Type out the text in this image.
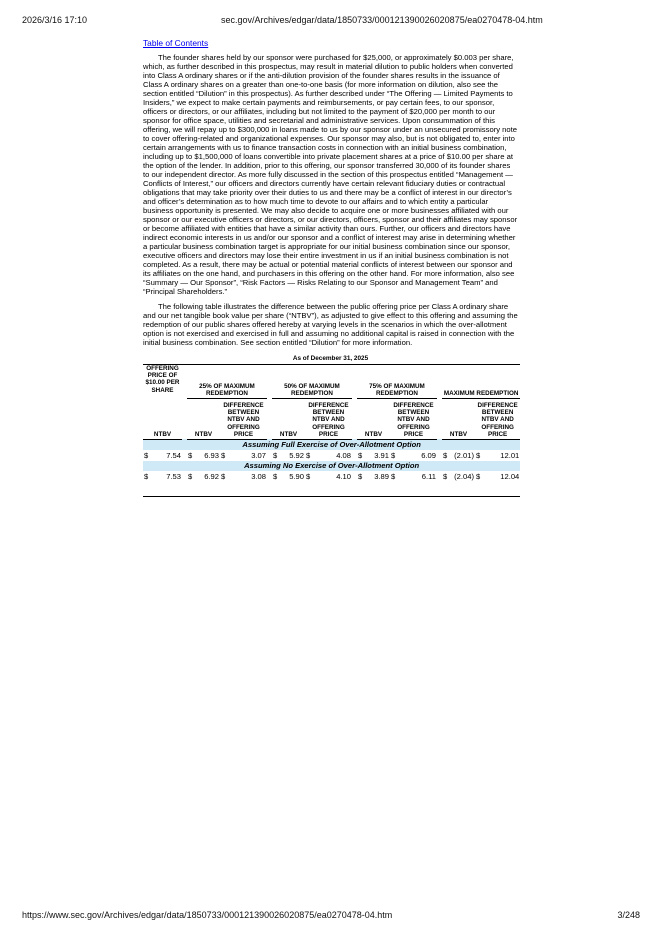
2026/3/16 17:10	sec.gov/Archives/edgar/data/1850733/000121390026020875/ea0270478-04.htm
Table of Contents

The founder shares held by our sponsor were purchased for $25,000, or approximately $0.003 per share, which, as further described in this prospectus, may result in material dilution to public holders when converted into Class A ordinary shares or if the anti-dilution provision of the founder shares results in the issuance of Class A ordinary shares on a greater than one-to-one basis (for more information on dilution, also see the section entitled “Dilution” in this prospectus). As further described under “The Offering — Limited Payments to Insiders,” we expect to make certain payments and reimbursements, or pay certain fees, to our sponsor, officers or directors, or our affiliates, including but not limited to the payment of $20,000 per month to our sponsor for office space, utilities and secretarial and administrative services. Upon consummation of this offering, we will repay up to $300,000 in loans made to us by our sponsor under an unsecured promissory note to cover offering-related and organizational expenses. Our sponsor may also, but is not obligated to, enter into certain arrangements with us to finance transaction costs in connection with an initial business combination, including up to $1,500,000 of loans convertible into private placement shares at a price of $10.00 per share at the option of the lender. In addition, prior to this offering, our sponsor transferred 30,000 of its founder shares to our independent director. As more fully discussed in the section of this prospectus entitled “Management — Conflicts of Interest,” our officers and directors currently have certain relevant fiduciary duties or contractual obligations that may take priority over their duties to us and there may be a conflict of interest in our director’s and officer’s determination as to how much time to devote to our affairs and to which entity a particular business opportunity is presented. We may also decide to acquire one or more businesses affiliated with our sponsor or our executive officers or directors, or our directors, officers, sponsor and their affiliates may sponsor or become affiliated with entities that have a similar activity than ours. Further, our officers and directors have indirect economic interests in us and/or our sponsor and a conflict of interest may arise in determining whether a particular business combination target is appropriate for our initial business combination since our sponsor, executive officers and directors may lose their entire investment in us if an initial business combination is not completed. As a result, there may be actual or potential material conflicts of interest between our sponsor and its affiliates on the one hand, and purchasers in this offering on the other hand. For more information, also see “Summary — Our Sponsor”, “Risk Factors — Risks Relating to our Sponsor and Management Team” and “Principal Shareholders.”

The following table illustrates the difference between the public offering price per Class A ordinary share and our net tangible book value per share (“NTBV”), as adjusted to give effect to this offering and assuming the redemption of our public shares offered hereby at varying levels in the scenarios in which the over-allotment option is not exercised and exercised in full and assuming no additional capital is raised in connection with the initial business combination. See section entitled “Dilution” for more information.

As of December 31, 2025

OFFERING PRICE OF $10.00 PER SHARE			25% OF MAXIMUM REDEMPTION					50% OF MAXIMUM REDEMPTION					75% OF MAXIMUM REDEMPTION					MAXIMUM REDEMPTION			
NTBV			NTBV		DIFFERENCE BETWEEN NTBV AND OFFERING PRICE			NTBV		DIFFERENCE BETWEEN NTBV AND OFFERING PRICE			NTBV		DIFFERENCE BETWEEN NTBV AND OFFERING PRICE			NTBV		DIFFERENCE BETWEEN NTBV AND OFFERING PRICE	
Assuming Full Exercise of Over-Allotment Option																					
$	7.54		$	6.93	$	3.07		$	5.92	$	4.08		$	3.91	$	6.09		$	(2.01)	$	12.01
Assuming No Exercise of Over-Allotment Option																					
$	7.53		$	6.92	$	3.08		$	5.90	$	4.10		$	3.89	$	6.11		$	(2.04)	$	12.04

https://www.sec.gov/Archives/edgar/data/1850733/000121390026020875/ea0270478-04.htm	3/248
